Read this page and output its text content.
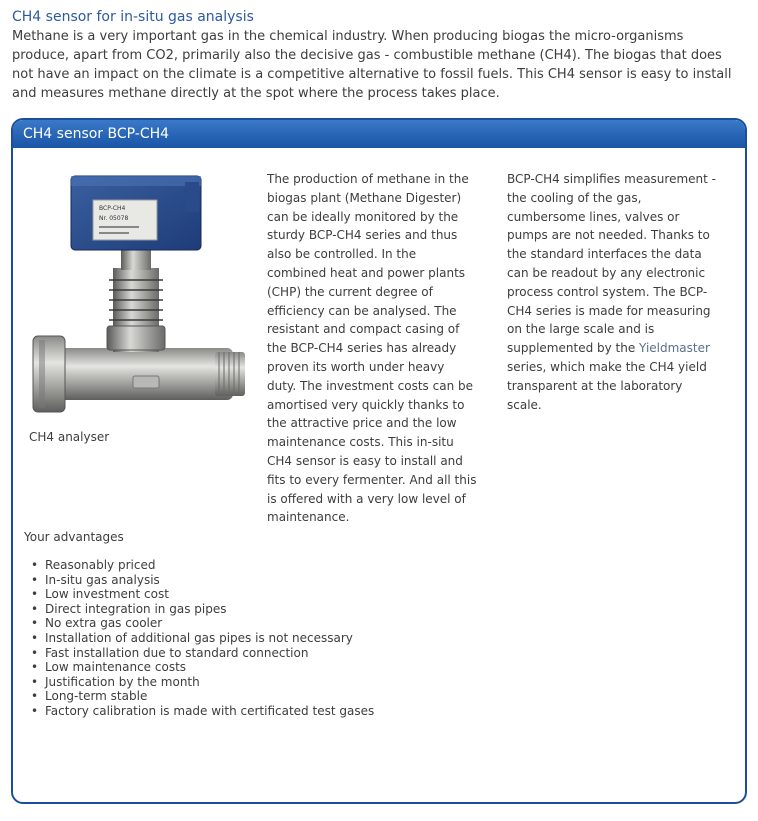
CH4 sensor for in-situ gas analysis
Methane is a very important gas in the chemical industry. When producing biogas the micro-organisms produce, apart from CO2, primarily also the decisive gas - combustible methane (CH4). The biogas that does not have an impact on the climate is a competitive alternative to fossil fuels. This CH4 sensor is easy to install and measures methane directly at the spot where the process takes place.
CH4 sensor BCP-CH4
BCP-CH4
Nr. 05078
CH4 analyser
The production of methane in the biogas plant (Methane Digester) can be ideally monitored by the sturdy BCP-CH4 series and thus also be controlled. In the combined heat and power plants (CHP) the current degree of efficiency can be analysed. The resistant and compact casing of the BCP-CH4 series has already proven its worth under heavy duty. The investment costs can be amortised very quickly thanks to the attractive price and the low maintenance costs. This in-situ CH4 sensor is easy to install and fits to every fermenter. And all this is offered with a very low level of maintenance.
BCP-CH4 simplifies measurement - the cooling of the gas, cumbersome lines, valves or pumps are not needed. Thanks to the standard interfaces the data can be readout by any electronic process control system. The BCP-CH4 series is made for measuring on the large scale and is supplemented by the Yieldmaster series, which make the CH4 yield transparent at the laboratory scale.
Your advantages
• Reasonably priced
• In-situ gas analysis
• Low investment cost
• Direct integration in gas pipes
• No extra gas cooler
• Installation of additional gas pipes is not necessary
• Fast installation due to standard connection
• Low maintenance costs
• Justification by the month
• Long-term stable
• Factory calibration is made with certificated test gases
